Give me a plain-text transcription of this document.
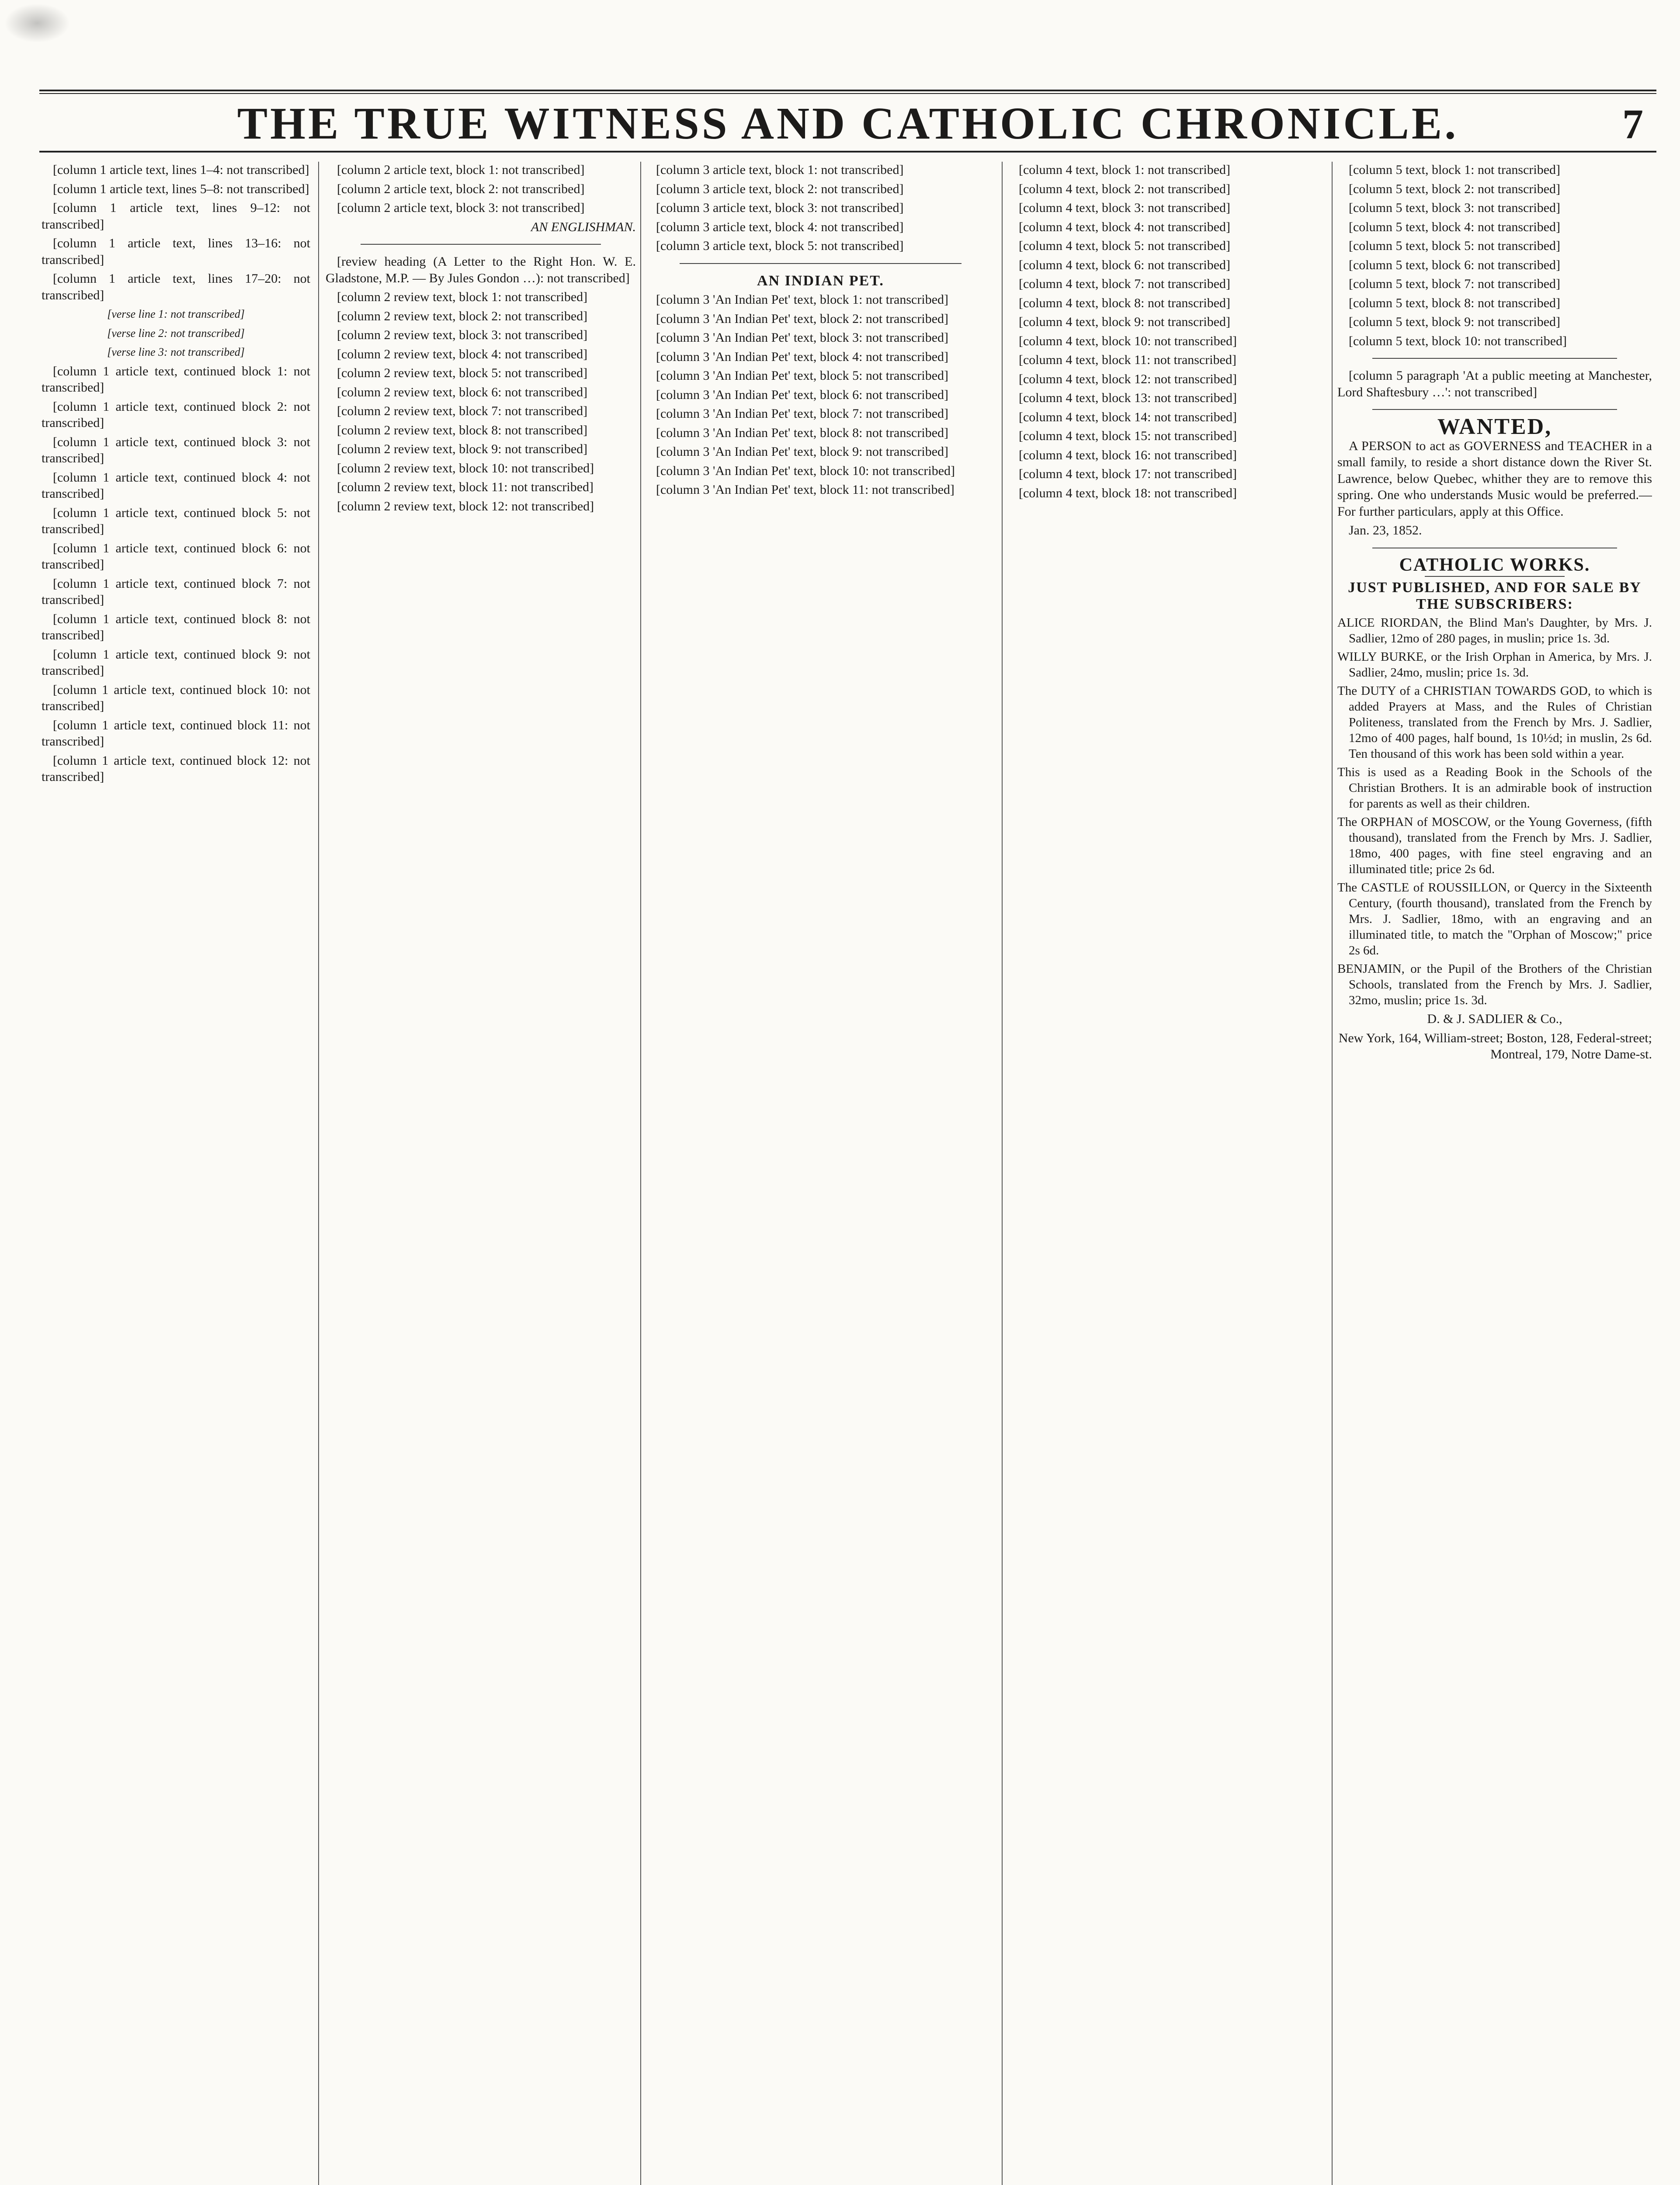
THE TRUE WITNESS AND CATHOLIC CHRONICLE.	7

[column 1 article text, lines 1–4: not transcribed]

[column 1 article text, lines 5–8: not transcribed]

[column 1 article text, lines 9–12: not transcribed]

[column 1 article text, lines 13–16: not transcribed]

[column 1 article text, lines 17–20: not transcribed]

[verse line 1: not transcribed]

[verse line 2: not transcribed]

[verse line 3: not transcribed]

[column 1 article text, continued block 1: not transcribed]

[column 1 article text, continued block 2: not transcribed]

[column 1 article text, continued block 3: not transcribed]

[column 1 article text, continued block 4: not transcribed]

[column 1 article text, continued block 5: not transcribed]

[column 1 article text, continued block 6: not transcribed]

[column 1 article text, continued block 7: not transcribed]

[column 1 article text, continued block 8: not transcribed]

[column 1 article text, continued block 9: not transcribed]

[column 1 article text, continued block 10: not transcribed]

[column 1 article text, continued block 11: not transcribed]

[column 1 article text, continued block 12: not transcribed]

[column 2 article text, block 1: not transcribed]

[column 2 article text, block 2: not transcribed]

[column 2 article text, block 3: not transcribed]

AN ENGLISHMAN.

[review heading (A Letter to the Right Hon. W. E. Gladstone, M.P. — By Jules Gondon …): not transcribed]

[column 2 review text, block 1: not transcribed]

[column 2 review text, block 2: not transcribed]

[column 2 review text, block 3: not transcribed]

[column 2 review text, block 4: not transcribed]

[column 2 review text, block 5: not transcribed]

[column 2 review text, block 6: not transcribed]

[column 2 review text, block 7: not transcribed]

[column 2 review text, block 8: not transcribed]

[column 2 review text, block 9: not transcribed]

[column 2 review text, block 10: not transcribed]

[column 2 review text, block 11: not transcribed]

[column 2 review text, block 12: not transcribed]

[column 3 article text, block 1: not transcribed]

[column 3 article text, block 2: not transcribed]

[column 3 article text, block 3: not transcribed]

[column 3 article text, block 4: not transcribed]

[column 3 article text, block 5: not transcribed]

AN INDIAN PET.

[column 3 'An Indian Pet' text, block 1: not transcribed]

[column 3 'An Indian Pet' text, block 2: not transcribed]

[column 3 'An Indian Pet' text, block 3: not transcribed]

[column 3 'An Indian Pet' text, block 4: not transcribed]

[column 3 'An Indian Pet' text, block 5: not transcribed]

[column 3 'An Indian Pet' text, block 6: not transcribed]

[column 3 'An Indian Pet' text, block 7: not transcribed]

[column 3 'An Indian Pet' text, block 8: not transcribed]

[column 3 'An Indian Pet' text, block 9: not transcribed]

[column 3 'An Indian Pet' text, block 10: not transcribed]

[column 3 'An Indian Pet' text, block 11: not transcribed]

[column 4 text, block 1: not transcribed]

[column 4 text, block 2: not transcribed]

[column 4 text, block 3: not transcribed]

[column 4 text, block 4: not transcribed]

[column 4 text, block 5: not transcribed]

[column 4 text, block 6: not transcribed]

[column 4 text, block 7: not transcribed]

[column 4 text, block 8: not transcribed]

[column 4 text, block 9: not transcribed]

[column 4 text, block 10: not transcribed]

[column 4 text, block 11: not transcribed]

[column 4 text, block 12: not transcribed]

[column 4 text, block 13: not transcribed]

[column 4 text, block 14: not transcribed]

[column 4 text, block 15: not transcribed]

[column 4 text, block 16: not transcribed]

[column 4 text, block 17: not transcribed]

[column 4 text, block 18: not transcribed]

[column 5 text, block 1: not transcribed]

[column 5 text, block 2: not transcribed]

[column 5 text, block 3: not transcribed]

[column 5 text, block 4: not transcribed]

[column 5 text, block 5: not transcribed]

[column 5 text, block 6: not transcribed]

[column 5 text, block 7: not transcribed]

[column 5 text, block 8: not transcribed]

[column 5 text, block 9: not transcribed]

[column 5 text, block 10: not transcribed]

[column 5 paragraph 'At a public meeting at Manchester, Lord Shaftesbury …': not transcribed]

WANTED,

A PERSON to act as GOVERNESS and TEACHER in a small family, to reside a short distance down the River St. Lawrence, below Quebec, whither they are to remove this spring. One who understands Music would be preferred.—For further particulars, apply at this Office.

Jan. 23, 1852.

CATHOLIC WORKS.

JUST PUBLISHED, AND FOR SALE BY THE SUBSCRIBERS:

ALICE RIORDAN, the Blind Man's Daughter, by Mrs. J. Sadlier, 12mo of 280 pages, in muslin; price 1s. 3d.

WILLY BURKE, or the Irish Orphan in America, by Mrs. J. Sadlier, 24mo, muslin; price 1s. 3d.

The DUTY of a CHRISTIAN TOWARDS GOD, to which is added Prayers at Mass, and the Rules of Christian Politeness, translated from the French by Mrs. J. Sadlier, 12mo of 400 pages, half bound, 1s 10½d; in muslin, 2s 6d. Ten thousand of this work has been sold within a year.

This is used as a Reading Book in the Schools of the Christian Brothers. It is an admirable book of instruction for parents as well as their children.

The ORPHAN of MOSCOW, or the Young Governess, (fifth thousand), translated from the French by Mrs. J. Sadlier, 18mo, 400 pages, with fine steel engraving and an illuminated title; price 2s 6d.

The CASTLE of ROUSSILLON, or Quercy in the Sixteenth Century, (fourth thousand), translated from the French by Mrs. J. Sadlier, 18mo, with an engraving and an illuminated title, to match the "Orphan of Moscow;" price 2s 6d.

BENJAMIN, or the Pupil of the Brothers of the Christian Schools, translated from the French by Mrs. J. Sadlier, 32mo, muslin; price 1s. 3d.

D. & J. SADLIER & Co.,

New York, 164, William-street; Boston, 128, Federal-street; Montreal, 179, Notre Dame-st.
